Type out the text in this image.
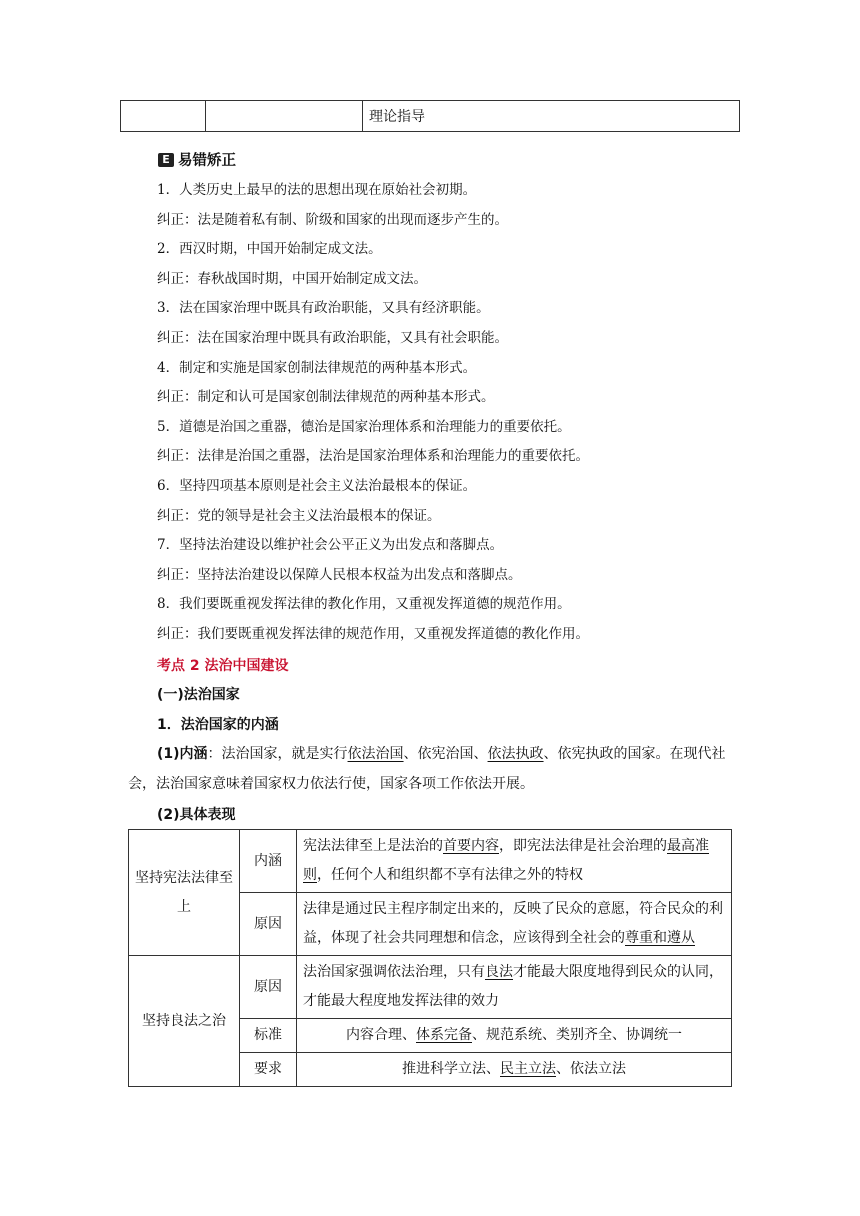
		理论指导
E 易错矫正
1．人类历史上最早的法的思想出现在原始社会初期。
纠正：法是随着私有制、阶级和国家的出现而逐步产生的。
2．西汉时期，中国开始制定成文法。
纠正：春秋战国时期，中国开始制定成文法。
3．法在国家治理中既具有政治职能，又具有经济职能。
纠正：法在国家治理中既具有政治职能，又具有社会职能。
4．制定和实施是国家创制法律规范的两种基本形式。
纠正：制定和认可是国家创制法律规范的两种基本形式。
5．道德是治国之重器，德治是国家治理体系和治理能力的重要依托。
纠正：法律是治国之重器，法治是国家治理体系和治理能力的重要依托。
6．坚持四项基本原则是社会主义法治最根本的保证。
纠正：党的领导是社会主义法治最根本的保证。
7．坚持法治建设以维护社会公平正义为出发点和落脚点。
纠正：坚持法治建设以保障人民根本权益为出发点和落脚点。
8．我们要既重视发挥法律的教化作用，又重视发挥道德的规范作用。
纠正：我们要既重视发挥法律的规范作用，又重视发挥道德的教化作用。
考点 2 法治中国建设
(一)法治国家
1．法治国家的内涵
(1)内涵：法治国家，就是实行依法治国、依宪治国、依法执政、依宪执政的国家。在现代社会，法治国家意味着国家权力依法行使，国家各项工作依法开展。
(2)具体表现
坚持宪法法律至上	内涵	宪法法律至上是法治的首要内容，即宪法法律是社会治理的最高准则，任何个人和组织都不享有法律之外的特权
	原因	法律是通过民主程序制定出来的，反映了民众的意愿，符合民众的利益，体现了社会共同理想和信念，应该得到全社会的尊重和遵从
坚持良法之治	原因	法治国家强调依法治理，只有良法才能最大限度地得到民众的认同，才能最大程度地发挥法律的效力
	标准	内容合理、体系完备、规范系统、类别齐全、协调统一
	要求	推进科学立法、民主立法、依法立法
